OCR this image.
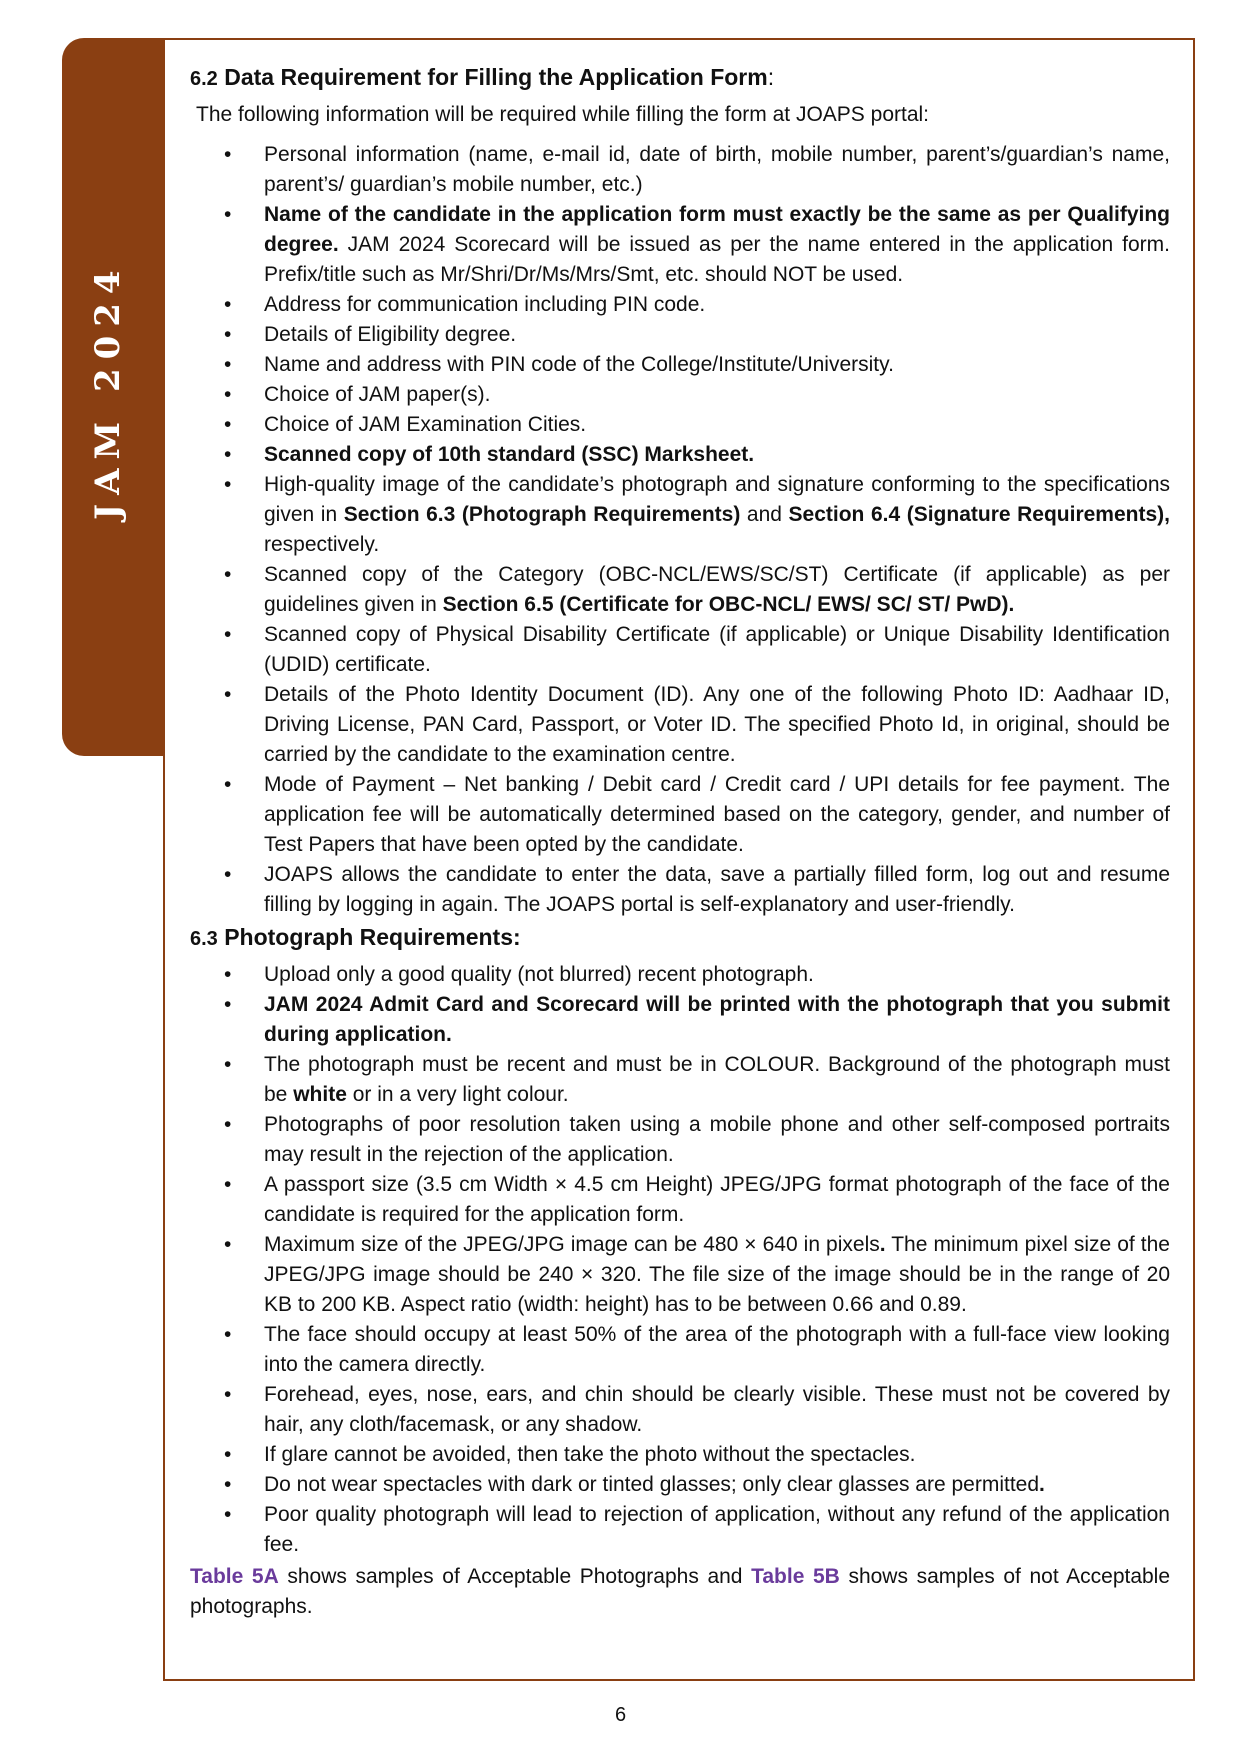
JAM 2024
6.2 Data Requirement for Filling the Application Form:

The following information will be required while filling the form at JOAPS portal:

• Personal information (name, e-mail id, date of birth, mobile number, parent’s/guardian’s name, parent’s/ guardian’s mobile number, etc.)
• Name of the candidate in the application form must exactly be the same as per Qualifying degree. JAM 2024 Scorecard will be issued as per the name entered in the application form. Prefix/title such as Mr/Shri/Dr/Ms/Mrs/Smt, etc. should NOT be used.
• Address for communication including PIN code.
• Details of Eligibility degree.
• Name and address with PIN code of the College/Institute/University.
• Choice of JAM paper(s).
• Choice of JAM Examination Cities.
• Scanned copy of 10th standard (SSC) Marksheet.
• High-quality image of the candidate’s photograph and signature conforming to the specifications given in Section 6.3 (Photograph Requirements) and Section 6.4 (Signature Requirements), respectively.
• Scanned copy of the Category (OBC-NCL/EWS/SC/ST) Certificate (if applicable) as per guidelines given in Section 6.5 (Certificate for OBC-NCL/ EWS/ SC/ ST/ PwD).
• Scanned copy of Physical Disability Certificate (if applicable) or Unique Disability Identification (UDID) certificate.
• Details of the Photo Identity Document (ID). Any one of the following Photo ID: Aadhaar ID, Driving License, PAN Card, Passport, or Voter ID. The specified Photo Id, in original, should be carried by the candidate to the examination centre.
• Mode of Payment – Net banking / Debit card / Credit card / UPI details for fee payment. The application fee will be automatically determined based on the category, gender, and number of Test Papers that have been opted by the candidate.
• JOAPS allows the candidate to enter the data, save a partially filled form, log out and resume filling by logging in again. The JOAPS portal is self-explanatory and user-friendly.
6.3 Photograph Requirements:
• Upload only a good quality (not blurred) recent photograph.
• JAM 2024 Admit Card and Scorecard will be printed with the photograph that you submit during application.
• The photograph must be recent and must be in COLOUR. Background of the photograph must be white or in a very light colour.
• Photographs of poor resolution taken using a mobile phone and other self-composed portraits may result in the rejection of the application.
• A passport size (3.5 cm Width × 4.5 cm Height) JPEG/JPG format photograph of the face of the candidate is required for the application form.
• Maximum size of the JPEG/JPG image can be 480 × 640 in pixels. The minimum pixel size of the JPEG/JPG image should be 240 × 320. The file size of the image should be in the range of 20 KB to 200 KB. Aspect ratio (width: height) has to be between 0.66 and 0.89.
• The face should occupy at least 50% of the area of the photograph with a full-face view looking into the camera directly.
• Forehead, eyes, nose, ears, and chin should be clearly visible. These must not be covered by hair, any cloth/facemask, or any shadow.
• If glare cannot be avoided, then take the photo without the spectacles.
• Do not wear spectacles with dark or tinted glasses; only clear glasses are permitted.
• Poor quality photograph will lead to rejection of application, without any refund of the application fee.

Table 5A shows samples of Acceptable Photographs and Table 5B shows samples of not Acceptable photographs.

6
